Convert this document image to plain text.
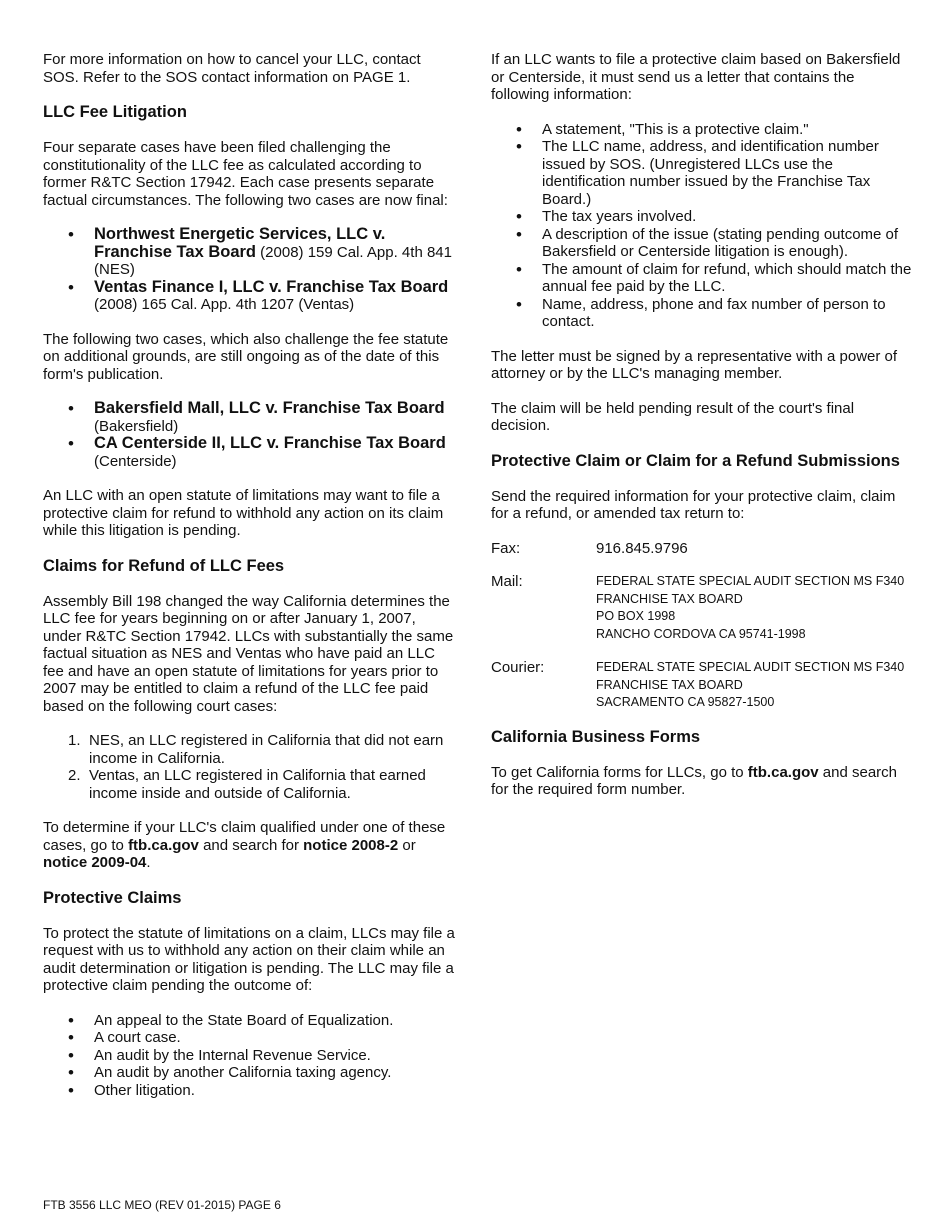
For more information on how to cancel your LLC, contact SOS. Refer to the SOS contact information on PAGE 1.

LLC Fee Litigation

Four separate cases have been filed challenging the constitutionality of the LLC fee as calculated according to former R&TC Section 17942. Each case presents separate factual circumstances. The following two cases are now final:

• Northwest Energetic Services, LLC v. Franchise Tax Board (2008) 159 Cal. App. 4th 841 (NES)
• Ventas Finance I, LLC v. Franchise Tax Board (2008) 165 Cal. App. 4th 1207 (Ventas)

The following two cases, which also challenge the fee statute on additional grounds, are still ongoing as of the date of this form's publication.

• Bakersfield Mall, LLC v. Franchise Tax Board (Bakersfield)
• CA Centerside II, LLC v. Franchise Tax Board (Centerside)

An LLC with an open statute of limitations may want to file a protective claim for refund to withhold any action on its claim while this litigation is pending.

Claims for Refund of LLC Fees

Assembly Bill 198 changed the way California determines the LLC fee for years beginning on or after January 1, 2007, under R&TC Section 17942. LLCs with substantially the same factual situation as NES and Ventas who have paid an LLC fee and have an open statute of limitations for years prior to 2007 may be entitled to claim a refund of the LLC fee paid based on the following court cases:

1. NES, an LLC registered in California that did not earn income in California.
2. Ventas, an LLC registered in California that earned income inside and outside of California.

To determine if your LLC's claim qualified under one of these cases, go to ftb.ca.gov and search for notice 2008-2 or notice 2009-04.

Protective Claims

To protect the statute of limitations on a claim, LLCs may file a request with us to withhold any action on their claim while an audit determination or litigation is pending. The LLC may file a protective claim pending the outcome of:

• An appeal to the State Board of Equalization.
• A court case.
• An audit by the Internal Revenue Service.
• An audit by another California taxing agency.
• Other litigation.

If an LLC wants to file a protective claim based on Bakersfield or Centerside, it must send us a letter that contains the following information:

• A statement, "This is a protective claim."
• The LLC name, address, and identification number issued by SOS. (Unregistered LLCs use the identification number issued by the Franchise Tax Board.)
• The tax years involved.
• A description of the issue (stating pending outcome of Bakersfield or Centerside litigation is enough).
• The amount of claim for refund, which should match the annual fee paid by the LLC.
• Name, address, phone and fax number of person to contact.

The letter must be signed by a representative with a power of attorney or by the LLC's managing member.

The claim will be held pending result of the court's final decision.

Protective Claim or Claim for a Refund Submissions

Send the required information for your protective claim, claim for a refund, or amended tax return to:

Fax:	916.845.9796
Mail:	FEDERAL STATE SPECIAL AUDIT SECTION MS F340
FRANCHISE TAX BOARD
PO BOX 1998
RANCHO CORDOVA CA 95741-1998
Courier:	FEDERAL STATE SPECIAL AUDIT SECTION MS F340
FRANCHISE TAX BOARD
SACRAMENTO CA 95827-1500
California Business Forms

To get California forms for LLCs, go to ftb.ca.gov and search for the required form number.

FTB 3556 LLC MEO (REV 01-2015) PAGE 6
